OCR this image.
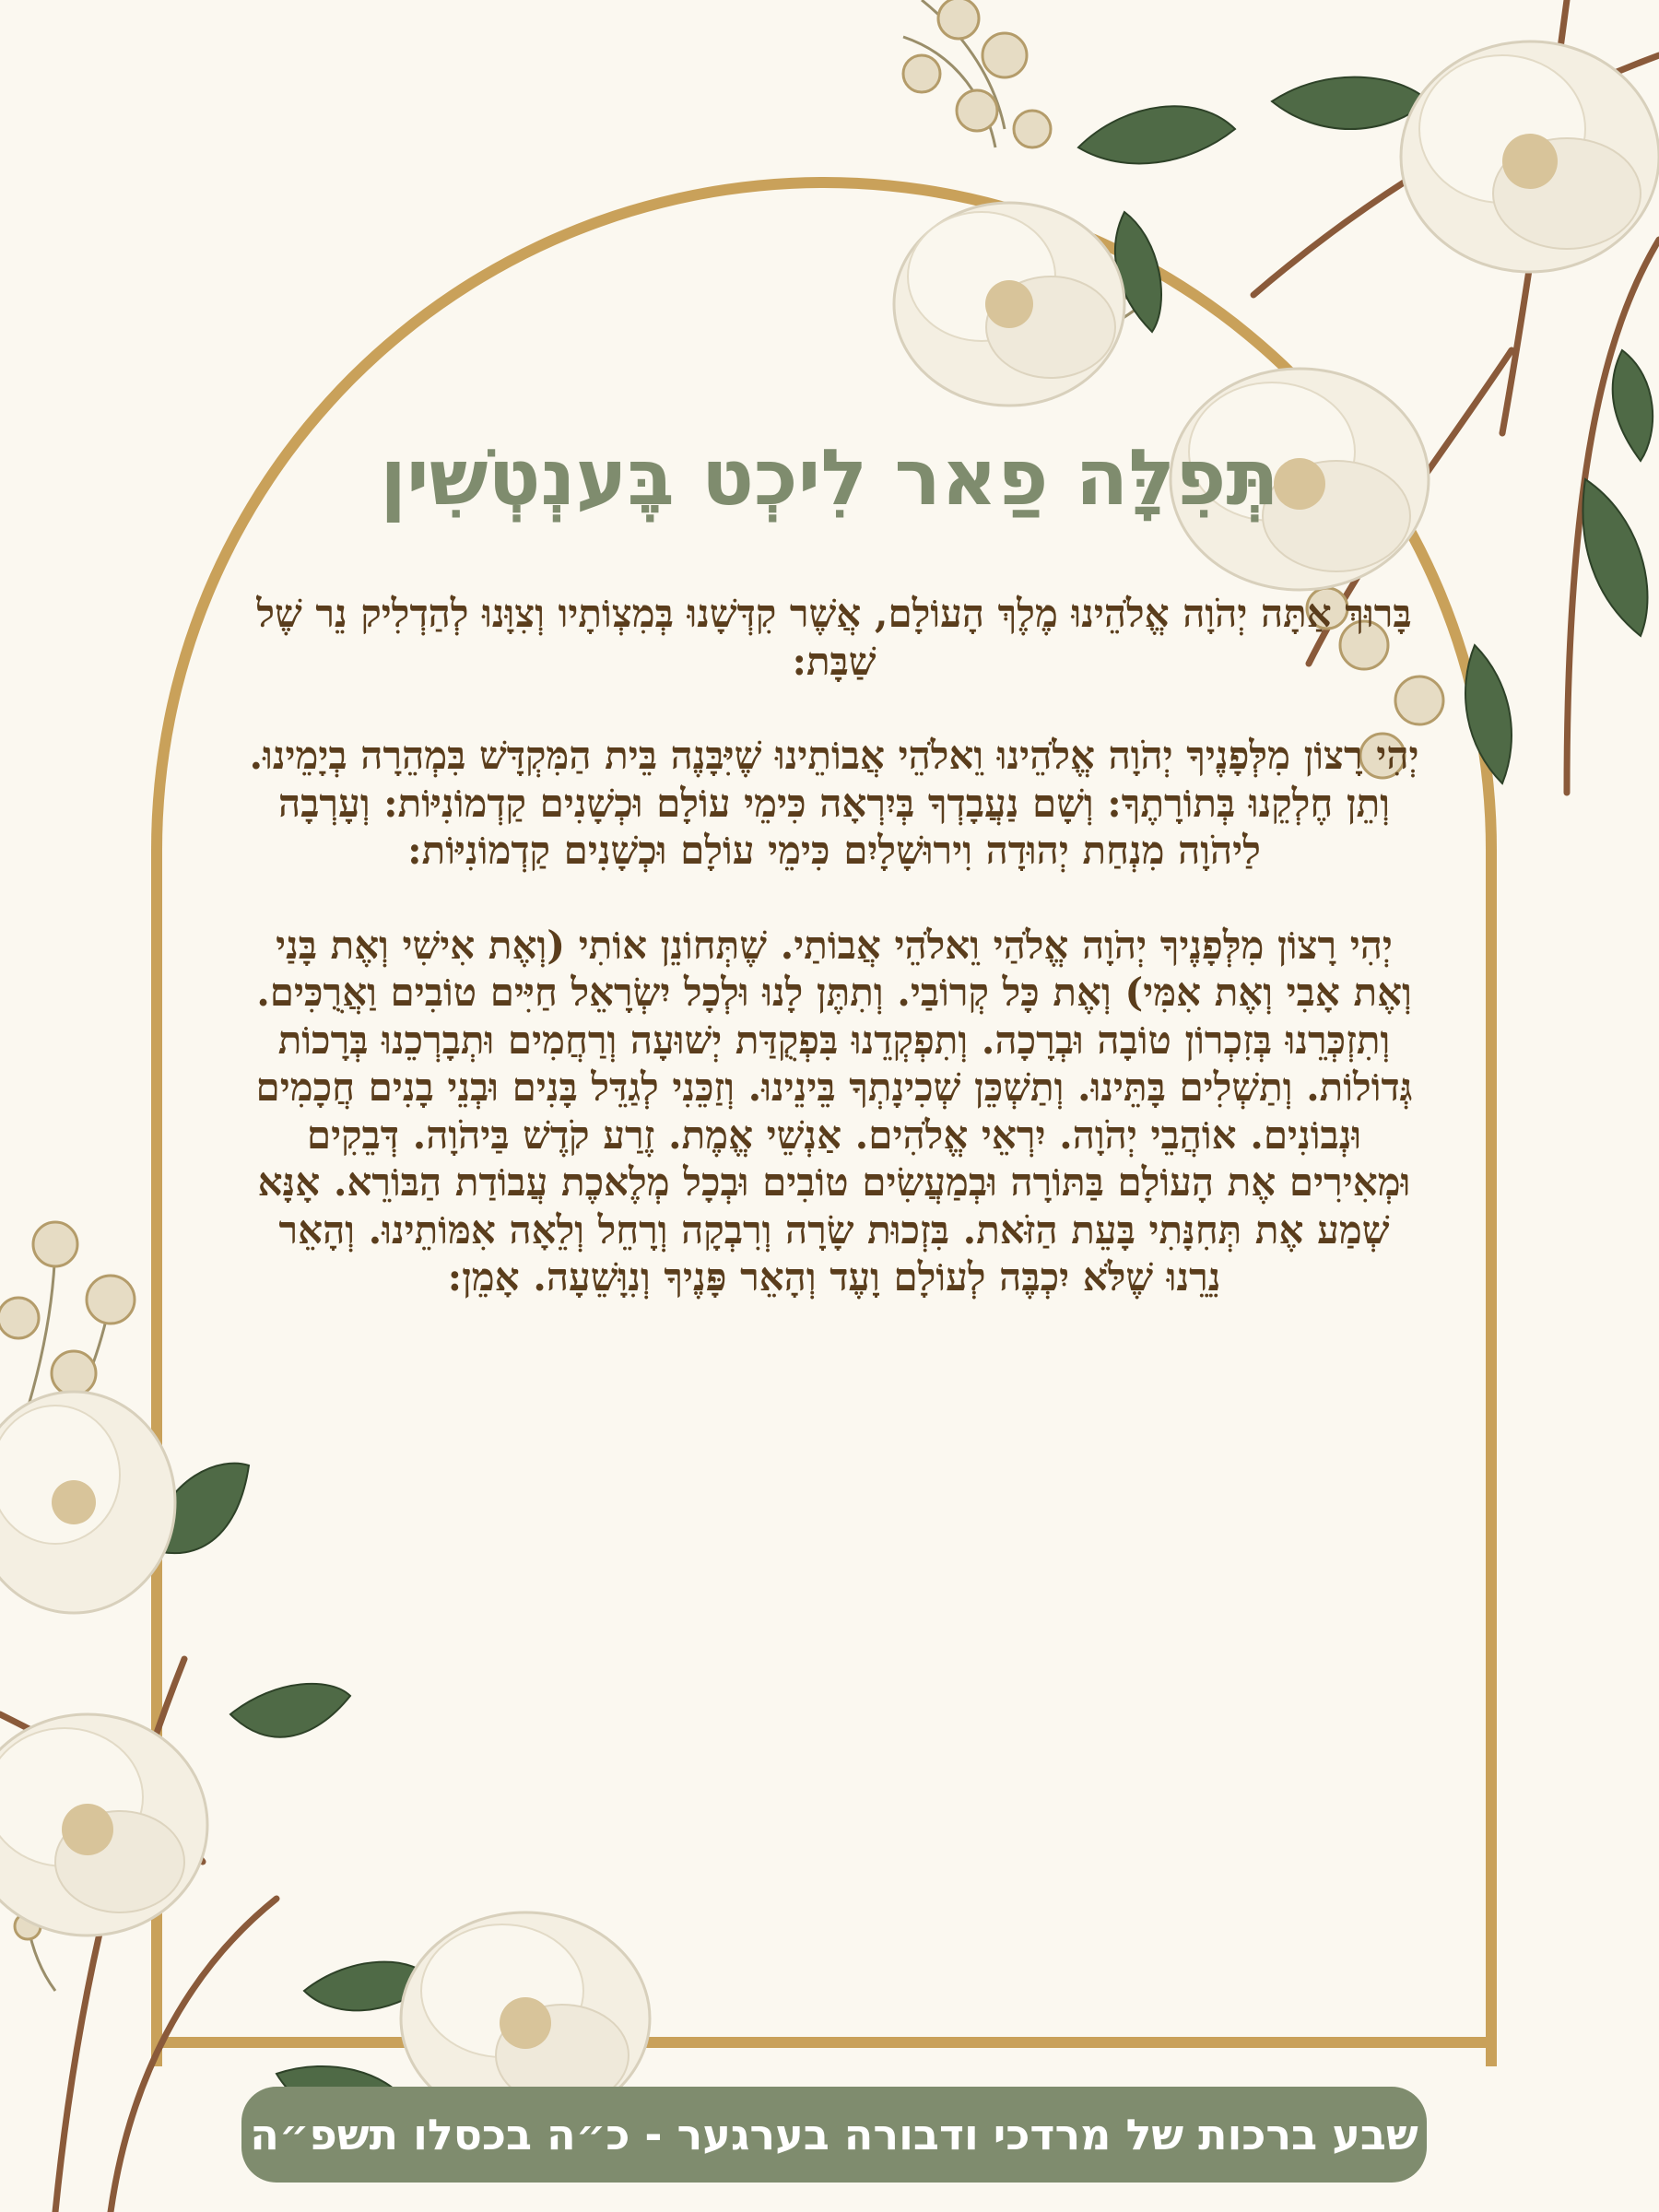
תְּפִלָּה פַאר לִיכְט בֶּענְטְשִׁין

בָּרוּךְ אַתָּה יְהֹוָה אֱלֹהֵינוּ מֶלֶךְ הָעוֹלָם, אֲשֶׁר קִדְּשָׁנוּ בְּמִצְוֹתָיו וְצִוָּנוּ לְהַדְלִיק נֵר שֶׁל שַׁבָּת:

יְהִי רָצוֹן מִלְּפָנֶיךָ יְהֹוָה אֱלֹהֵינוּ וֵאלֹהֵי אֲבוֹתֵינוּ שֶׁיִּבָּנֶה בֵּית הַמִּקְדָּשׁ בִּמְהֵרָה בְיָמֵינוּ. וְתֵן חֶלְקֵנוּ בְּתוֹרָתֶךָ: וְשָׁם נַעֲבָדְךָ בְּיִרְאָה כִּימֵי עוֹלָם וּכְשָׁנִים קַדְמוֹנִיּוֹת: וְעָרְבָה לַיהֹוָה מִנְחַת יְהוּדָה וִירוּשָׁלָיִם כִּימֵי עוֹלָם וּכְשָׁנִים קַדְמוֹנִיּוֹת:

יְהִי רָצוֹן מִלְּפָנֶיךָ יְהֹוָה אֱלֹהַי וֵאלֹהֵי אֲבוֹתַי. שֶׁתְּחוֹנֵן אוֹתִי (וְאֶת אִישִׁי וְאֶת בָּנַי וְאֶת אָבִי וְאֶת אִמִּי) וְאֶת כָּל קְרוֹבַי. וְתִתֶּן לָנוּ וּלְכָל יִשְׂרָאֵל חַיִּים טוֹבִים וַאֲרֻכִּים. וְתִזְכְּרֵנוּ בְּזִכְרוֹן טוֹבָה וּבְרָכָה. וְתִפְקְדֵנוּ בִּפְקֻדַּת יְשׁוּעָה וְרַחֲמִים וּתְבָרְכֵנוּ בְּרָכוֹת גְּדוֹלוֹת. וְתַשְׁלִים בָּתֵּינוּ. וְתַשְׁכֵּן שְׁכִינָתְךָ בֵּינֵינוּ. וְזַכֵּנִי לְגַדֵּל בָּנִים וּבְנֵי בָנִים חֲכָמִים וּנְבוֹנִים. אוֹהֲבֵי יְהֹוָה. יִרְאֵי אֱלֹהִים. אַנְשֵׁי אֱמֶת. זֶרַע קֹדֶשׁ בַּיהֹוָה. דְּבֵקִים וּמְאִירִים אֶת הָעוֹלָם בַּתּוֹרָה וּבְמַעֲשִׂים טוֹבִים וּבְכָל מְלֶאכֶת עֲבוֹדַת הַבּוֹרֵא. אָנָּא שְׁמַע אֶת תְּחִנָּתִי בָּעֵת הַזֹּאת. בִּזְכוּת שָׂרָה וְרִבְקָה וְרָחֵל וְלֵאָה אִמּוֹתֵינוּ. וְהָאֵר נֵרֵנוּ שֶׁלֹּא יִכְבֶּה לְעוֹלָם וָעֶד וְהָאֵר פָּנֶיךָ וְנִוָּשֵׁעָה. אָמֵן:

שבע ברכות של מרדכי ודבורה בערגער - כ״ה בכסלו תשפ״ה
